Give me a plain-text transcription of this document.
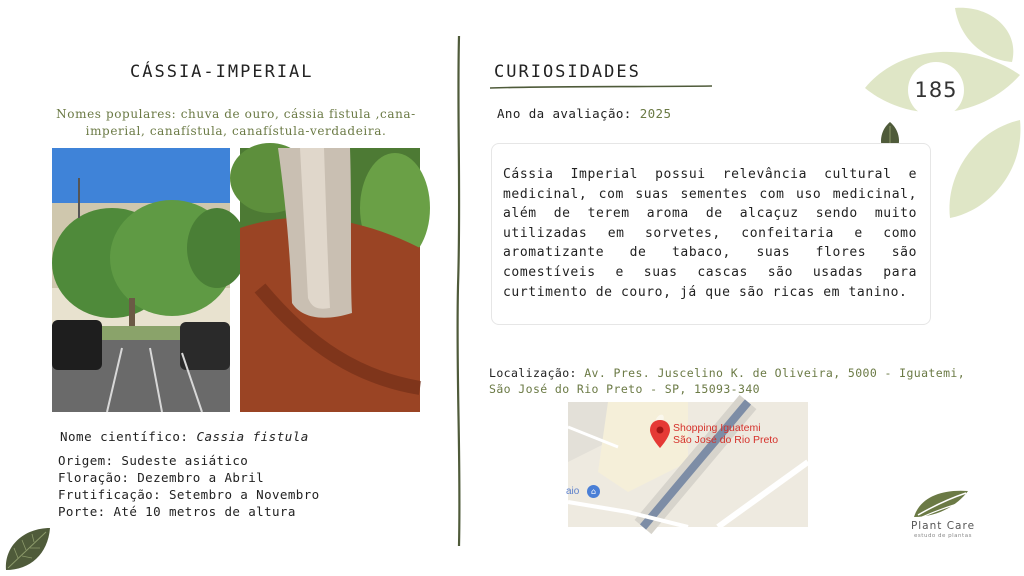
185
CÁSSIA-IMPERIAL
Nomes populares: chuva de ouro, cássia fistula ,cana-imperial, canafístula, canafístula-verdadeira.
Nome científico: Cassia fistula
Origem: Sudeste asiático
Floração: Dezembro a Abril
Frutificação: Setembro a Novembro
Porte: Até 10 metros de altura
CURIOSIDADES
Ano da avaliação: 2025
Cássia Imperial possui relevância cultural e medicinal, com suas sementes com uso medicinal, além de terem aroma de alcaçuz sendo muito utilizadas em sorvetes, confeitaria e como aromatizante de tabaco, suas flores são comestíveis e suas cascas são usadas para curtimento de couro, já que são ricas em tanino.
Localização: Av. Pres. Juscelino K. de Oliveira, 5000 - Iguatemi, São José do Rio Preto - SP, 15093-340
Shopping Iguatemi
São José do Rio Preto
aio	⌂
Plant Care
estudo de plantas
